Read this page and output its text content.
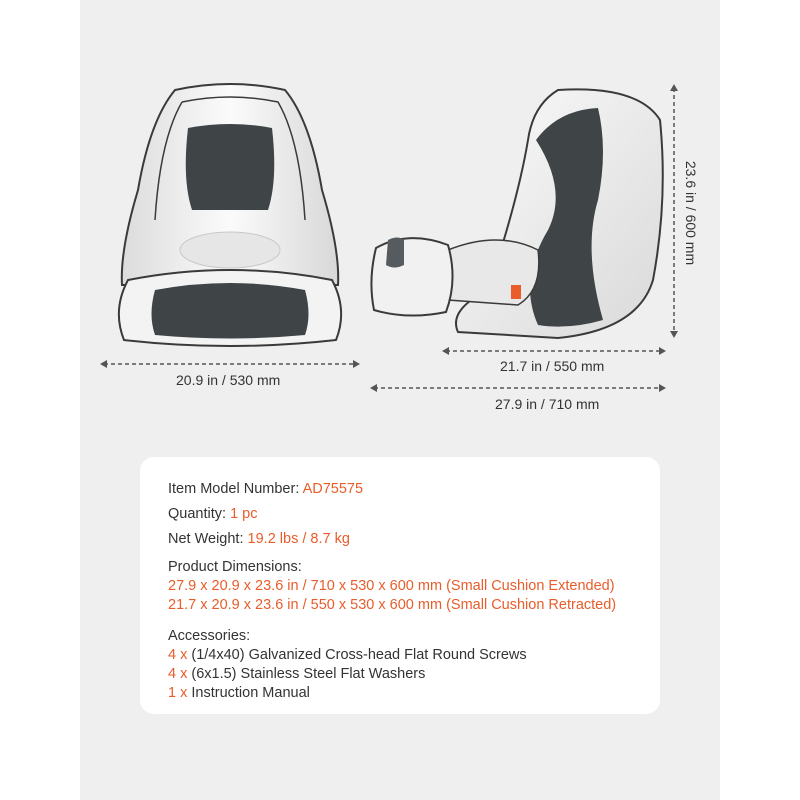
20.9 in / 530 mm
21.7 in / 550 mm
27.9 in / 710 mm
23.6 in / 600 mm
Item Model Number: AD75575
Quantity: 1 pc
Net Weight: 19.2 lbs / 8.7 kg
Product Dimensions:
27.9 x 20.9 x 23.6 in / 710 x 530 x 600 mm (Small Cushion Extended)
21.7 x 20.9 x 23.6 in / 550 x 530 x 600 mm (Small Cushion Retracted)
Accessories:
4 x (1/4x40) Galvanized Cross-head Flat Round Screws
4 x (6x1.5) Stainless Steel Flat Washers
1 x Instruction Manual
